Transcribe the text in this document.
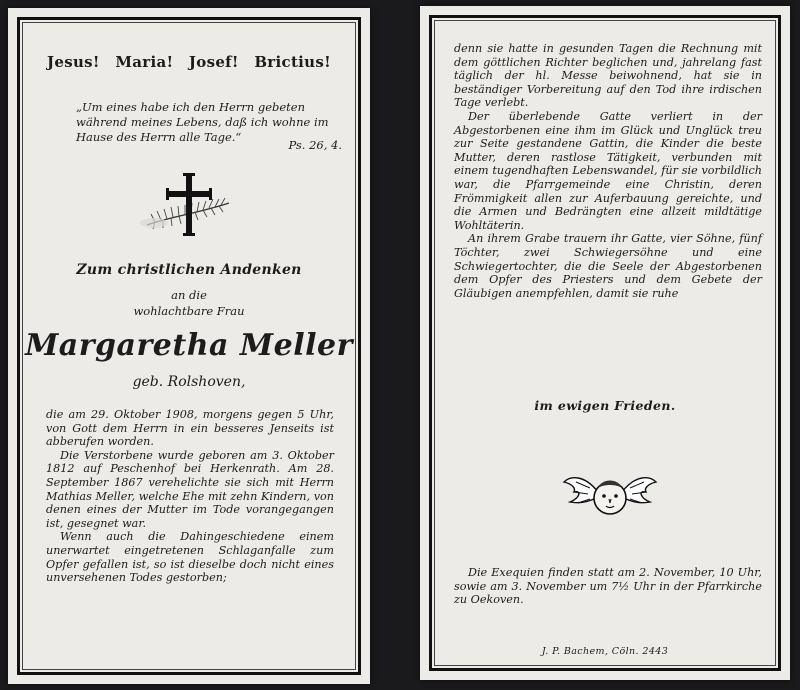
Jesus! Maria! Josef! Brictius!
„Um eines habe ich den Herrn gebeten während meines Lebens, daß ich wohne im Hause des Herrn alle Tage.“
Ps. 26, 4.
Zum christlichen Andenken
an die
wohlachtbare Frau
Margaretha Meller
geb. Rolshoven,

die am 29. Oktober 1908, morgens gegen 5 Uhr, von Gott dem Herrn in ein besseres Jenseits ist abberufen worden.

Die Verstorbene wurde geboren am 3. Oktober 1812 auf Peschenhof bei Herkenrath. Am 28. September 1867 verehelichte sie sich mit Herrn Mathias Meller, welche Ehe mit zehn Kindern, von denen eines der Mutter im Tode vorangegangen ist, gesegnet war.

Wenn auch die Dahingeschiedene einem unerwartet eingetretenen Schlaganfalle zum Opfer gefallen ist, so ist dieselbe doch nicht eines unversehenen Todes gestorben;

denn sie hatte in gesunden Tagen die Rechnung mit dem göttlichen Richter beglichen und, jahrelang fast täglich der hl. Messe beiwohnend, hat sie in beständiger Vorbereitung auf den Tod ihre irdischen Tage verlebt.

Der überlebende Gatte verliert in der Abgestorbenen eine ihm im Glück und Unglück treu zur Seite gestandene Gattin, die Kinder die beste Mutter, deren rastlose Tätigkeit, verbunden mit einem tugendhaften Lebenswandel, für sie vorbildlich war, die Pfarrgemeinde eine Christin, deren Frömmigkeit allen zur Auferbauung gereichte, und die Armen und Bedrängten eine allzeit mildtätige Wohltäterin.

An ihrem Grabe trauern ihr Gatte, vier Söhne, fünf Töchter, zwei Schwiegersöhne und eine Schwiegertochter, die die Seele der Abgestorbenen dem Opfer des Priesters und dem Gebete der Gläubigen anempfehlen, damit sie ruhe

im ewigen Frieden.

Die Exequien finden statt am 2. November, 10 Uhr, sowie am 3. November um 7½ Uhr in der Pfarrkirche zu Oekoven.

J. P. Bachem, Cöln. 2443
